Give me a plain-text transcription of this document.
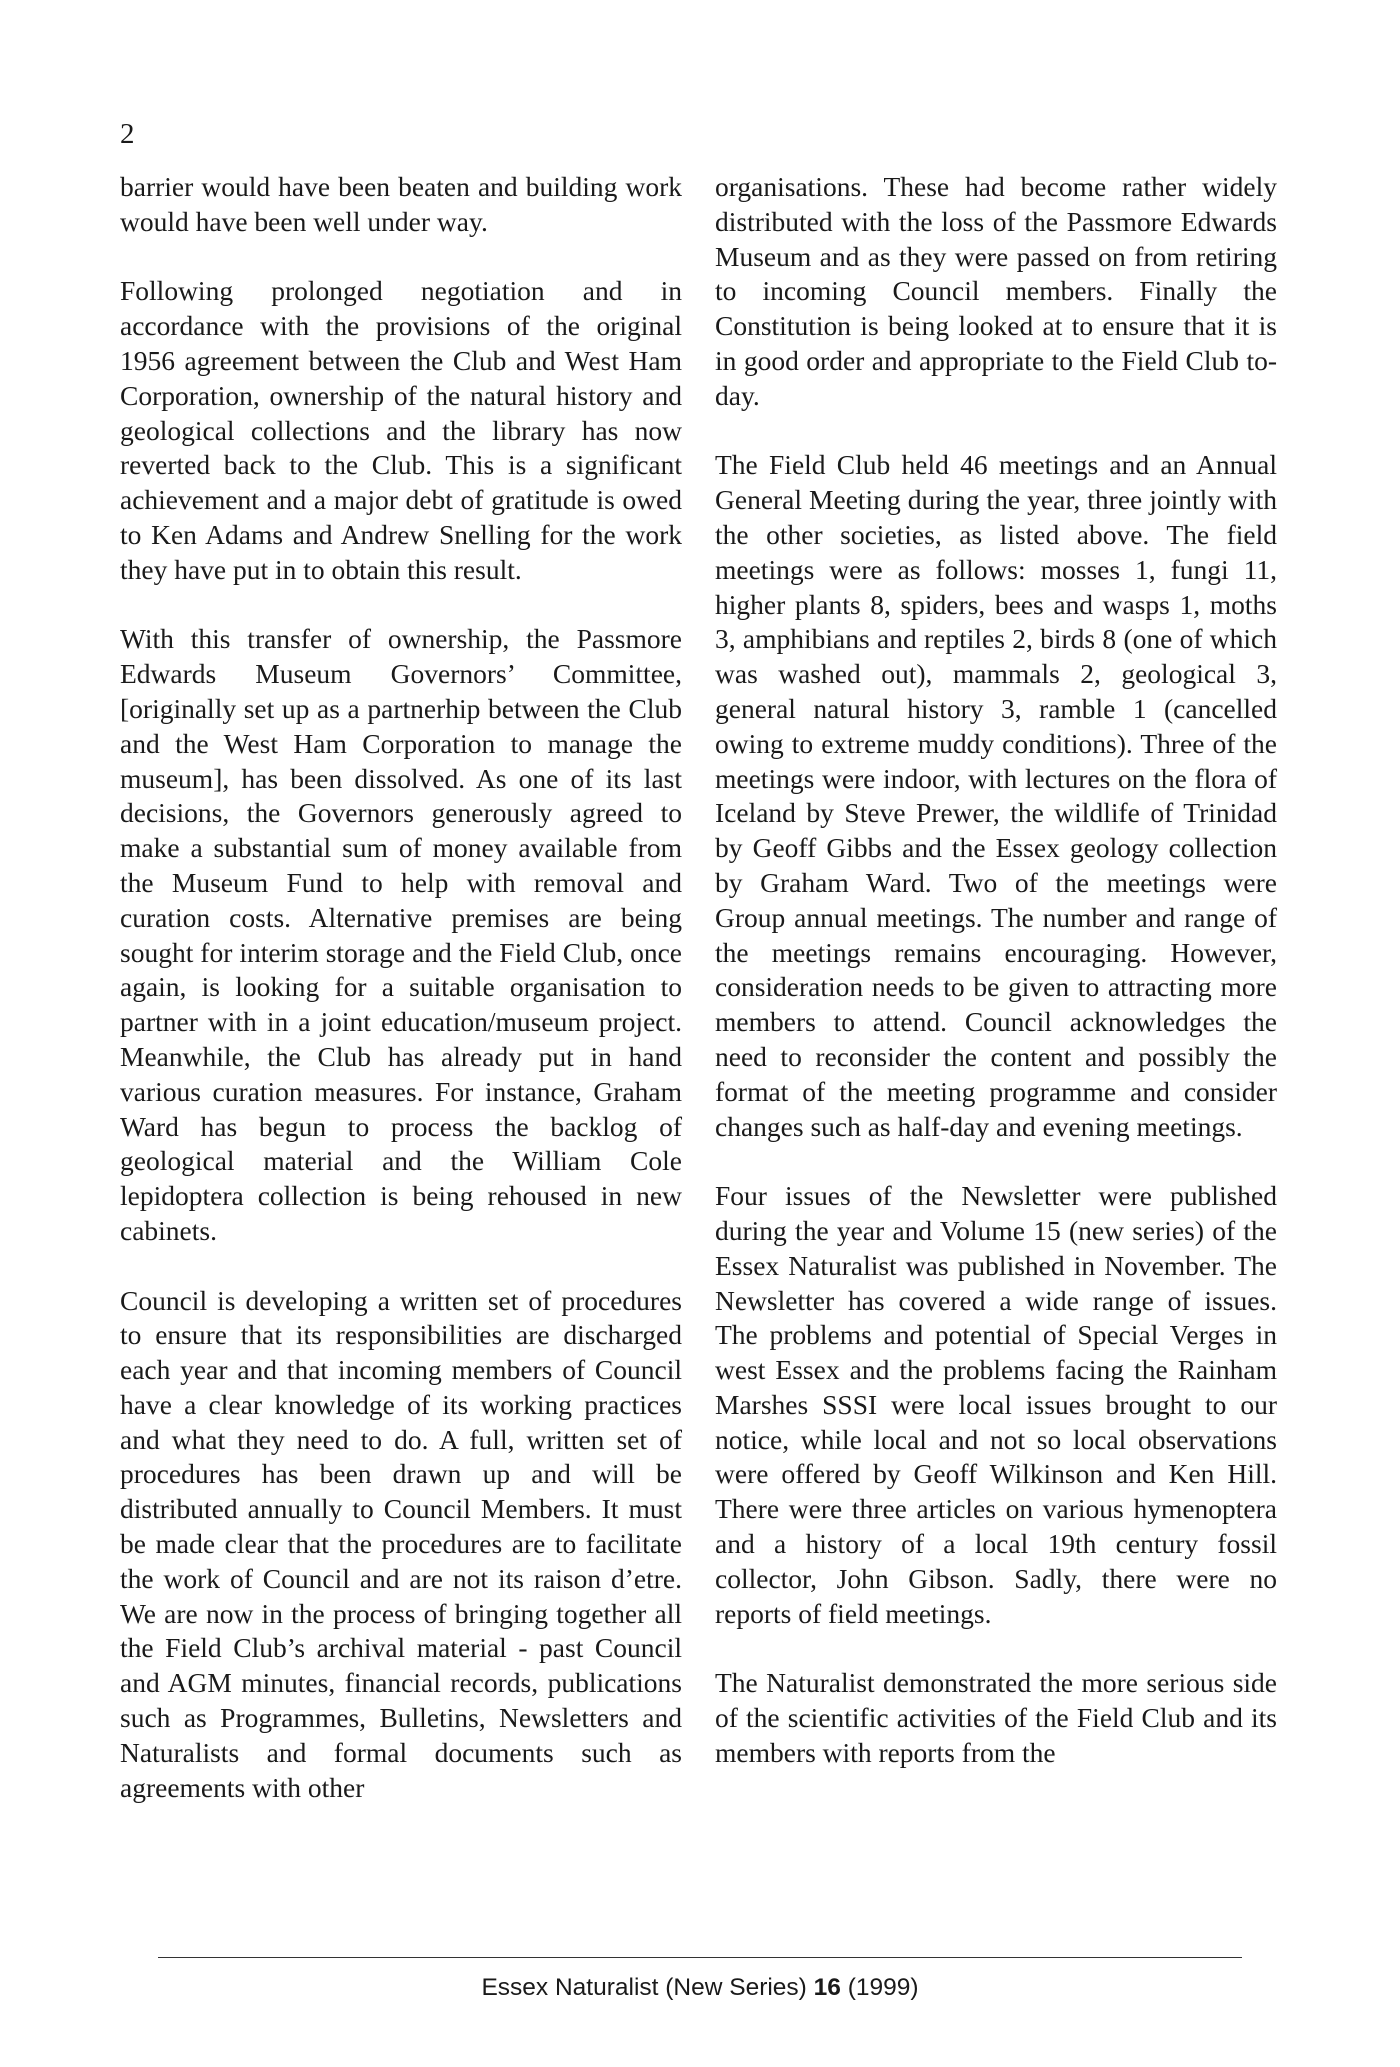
2

barrier would have been beaten and building work would have been well under way.

Following prolonged negotiation and in accordance with the provisions of the original 1956 agreement between the Club and West Ham Corporation, ownership of the natural history and geological collections and the library has now reverted back to the Club. This is a significant achievement and a major debt of gratitude is owed to Ken Adams and Andrew Snelling for the work they have put in to obtain this result.

With this transfer of ownership, the Passmore Edwards Museum Governors’ Committee, [originally set up as a partnerhip between the Club and the West Ham Corporation to manage the museum], has been dissolved. As one of its last decisions, the Governors generously agreed to make a substantial sum of money available from the Museum Fund to help with removal and curation costs. Alternative premises are being sought for interim storage and the Field Club, once again, is looking for a suitable organisation to partner with in a joint education/museum project. Meanwhile, the Club has already put in hand various curation measures. For instance, Graham Ward has begun to process the backlog of geological material and the William Cole lepidoptera collection is being rehoused in new cabinets.

Council is developing a written set of procedures to ensure that its responsibilities are discharged each year and that incoming members of Council have a clear knowledge of its working practices and what they need to do. A full, written set of procedures has been drawn up and will be distributed annually to Council Members. It must be made clear that the procedures are to facilitate the work of Council and are not its raison d’etre. We are now in the process of bringing together all the Field Club’s archival material - past Council and AGM minutes, financial records, publications such as Programmes, Bulletins, Newsletters and Naturalists and formal documents such as agreements with other

organisations. These had become rather widely distributed with the loss of the Passmore Edwards Museum and as they were passed on from retiring to incoming Council members. Finally the Constitution is being looked at to ensure that it is in good order and appropriate to the Field Club to-day.

The Field Club held 46 meetings and an Annual General Meeting during the year, three jointly with the other societies, as listed above. The field meetings were as follows: mosses 1, fungi 11, higher plants 8, spiders, bees and wasps 1, moths 3, amphibians and reptiles 2, birds 8 (one of which was washed out), mammals 2, geological 3, general natural history 3, ramble 1 (cancelled owing to extreme muddy conditions). Three of the meetings were indoor, with lectures on the flora of Iceland by Steve Prewer, the wildlife of Trinidad by Geoff Gibbs and the Essex geology collection by Graham Ward. Two of the meetings were Group annual meetings. The number and range of the meetings remains encouraging. However, consideration needs to be given to attracting more members to attend. Council acknowledges the need to reconsider the content and possibly the format of the meeting programme and consider changes such as half-day and evening meetings.

Four issues of the Newsletter were published during the year and Volume 15 (new series) of the Essex Naturalist was published in November. The Newsletter has covered a wide range of issues. The problems and potential of Special Verges in west Essex and the problems facing the Rainham Marshes SSSI were local issues brought to our notice, while local and not so local observations were offered by Geoff Wilkinson and Ken Hill. There were three articles on various hymenoptera and a history of a local 19th century fossil collector, John Gibson. Sadly, there were no reports of field meetings.

The Naturalist demonstrated the more serious side of the scientific activities of the Field Club and its members with reports from the

Essex Naturalist (New Series) 16 (1999)
